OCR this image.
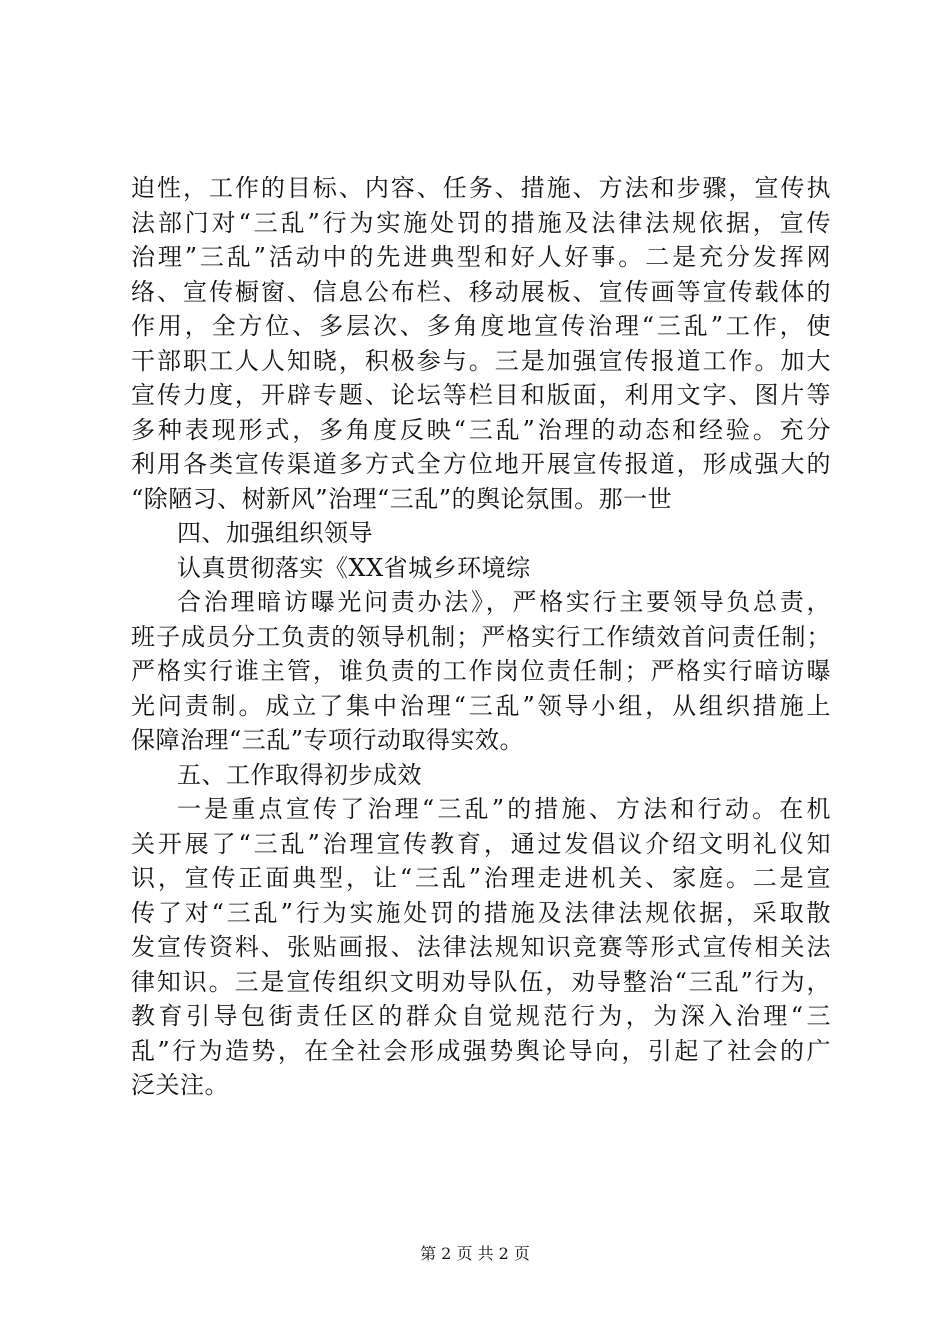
迫性，工作的目标、内容、任务、措施、方法和步骤，宣传执
法部门对“三乱”行为实施处罚的措施及法律法规依据，宣传
治理”三乱”活动中的先进典型和好人好事。二是充分发挥网
络、宣传橱窗、信息公布栏、移动展板、宣传画等宣传载体的
作用，全方位、多层次、多角度地宣传治理“三乱”工作，使
干部职工人人知晓，积极参与。三是加强宣传报道工作。加大
宣传力度，开辟专题、论坛等栏目和版面，利用文字、图片等
多种表现形式，多角度反映“三乱”治理的动态和经验。充分
利用各类宣传渠道多方式全方位地开展宣传报道，形成强大的
“除陋习、树新风”治理“三乱”的舆论氛围。那一世
四、加强组织领导
认真贯彻落实《XX省城乡环境综
合治理暗访曝光问责办法》，严格实行主要领导负总责，
班子成员分工负责的领导机制；严格实行工作绩效首问责任制；
严格实行谁主管，谁负责的工作岗位责任制；严格实行暗访曝
光问责制。成立了集中治理“三乱”领导小组，从组织措施上
保障治理“三乱”专项行动取得实效。
五、工作取得初步成效
一是重点宣传了治理“三乱”的措施、方法和行动。在机
关开展了“三乱”治理宣传教育，通过发倡议介绍文明礼仪知
识，宣传正面典型，让“三乱”治理走进机关、家庭。二是宣
传了对“三乱”行为实施处罚的措施及法律法规依据，采取散
发宣传资料、张贴画报、法律法规知识竞赛等形式宣传相关法
律知识。三是宣传组织文明劝导队伍，劝导整治“三乱”行为，
教育引导包街责任区的群众自觉规范行为，为深入治理“三
乱”行为造势，在全社会形成强势舆论导向，引起了社会的广
泛关注。
第 2 页 共 2 页
